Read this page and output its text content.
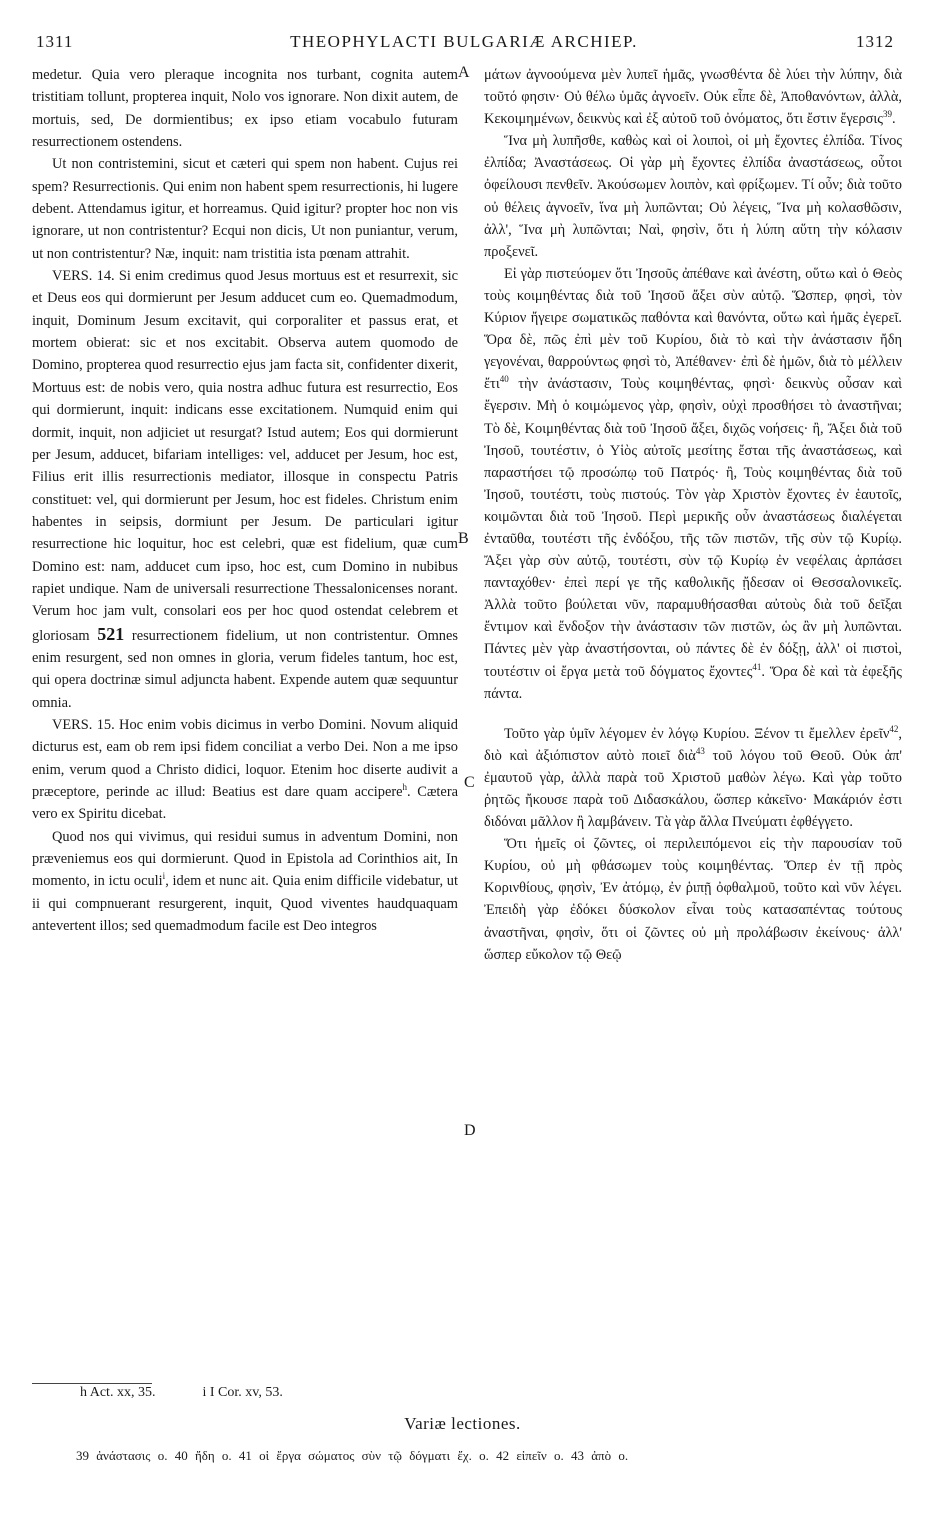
1311	THEOPHYLACTI BULGARIÆ ARCHIEP.	1312
A
B
C
D

medetur. Quia vero pleraque incognita nos turbant, cognita autem tristitiam tollunt, propterea inquit, Nolo vos ignorare. Non dixit autem, de mortuis, sed, De dormientibus; ex ipso etiam vocabulo futuram resurrectionem ostendens.

Ut non contristemini, sicut et cæteri qui spem non habent. Cujus rei spem? Resurrectionis. Qui enim non habent spem resurrectionis, hi lugere debent. Attendamus igitur, et horreamus. Quid igitur? propter hoc non vis ignorare, ut non contristentur? Ecqui non dicis, Ut non puniantur, verum, ut non contristentur? Næ, inquit: nam tristitia ista pœnam attrahit.

VERS. 14. Si enim credimus quod Jesus mortuus est et resurrexit, sic et Deus eos qui dormierunt per Jesum adducet cum eo. Quemadmodum, inquit, Dominum Jesum excitavit, qui corporaliter et passus erat, et mortem obierat: sic et nos excitabit. Observa autem quomodo de Domino, propterea quod resurrectio ejus jam facta sit, confidenter dixerit, Mortuus est: de nobis vero, quia nostra adhuc futura est resurrectio, Eos qui dormierunt, inquit: indicans esse excitationem. Numquid enim qui dormit, inquit, non adjiciet ut resurgat? Istud autem; Eos qui dormierunt per Jesum, adducet, bifariam intelliges: vel, adducet per Jesum, hoc est, Filius erit illis resurrectionis mediator, illosque in conspectu Patris constituet: vel, qui dormierunt per Jesum, hoc est fideles. Christum enim habentes in seipsis, dormiunt per Jesum. De particulari igitur resurrectione hic loquitur, hoc est celebri, quæ est fidelium, quæ cum Domino est: nam, adducet cum ipso, hoc est, cum Domino in nubibus rapiet undique. Nam de universali resurrectione Thessalonicenses norant. Verum hoc jam vult, consolari eos per hoc quod ostendat celebrem et gloriosam 521 resurrectionem fidelium, ut non contristentur. Omnes enim resurgent, sed non omnes in gloria, verum fideles tantum, hoc est, qui opera doctrinæ simul adjuncta habent. Expende autem quæ sequuntur omnia.

VERS. 15. Hoc enim vobis dicimus in verbo Domini. Novum aliquid dicturus est, eam ob rem ipsi fidem conciliat a verbo Dei. Non a me ipso enim, verum quod a Christo didici, loquor. Etenim hoc diserte audivit a præceptore, perinde ac illud: Beatius est dare quam accipere$^h$. Cætera vero ex Spiritu dicebat.

Quod nos qui vivimus, qui residui sumus in adventum Domini, non præveniemus eos qui dormierunt. Quod in Epistola ad Corinthios ait, In momento, in ictu oculi$^i$, idem et nunc ait. Quia enim difficile videbatur, ut ii qui compnuerant resurgerent, inquit, Quod viventes haudquaquam antevertent illos; sed quemadmodum facile est Deo integros

μάτων ἀγνοούμενα μὲν λυπεῖ ἡμᾶς, γνωσθέντα δὲ λύει τὴν λύπην, διὰ τοῦτό φησιν· Οὐ θέλω ὑμᾶς ἀγνοεῖν. Οὐκ εἶπε δὲ, Ἀποθανόντων, ἀλλὰ, Κεκοιμημένων, δεικνὺς καὶ ἐξ αὐτοῦ τοῦ ὀνόματος, ὅτι ἔστιν ἔγερσις$^{39}$.

Ἵνα μὴ λυπῆσθε, καθὼς καὶ οἱ λοιποὶ, οἱ μὴ ἔχοντες ἐλπίδα. Τίνος ἐλπίδα; Ἀναστάσεως. Οἱ γὰρ μὴ ἔχοντες ἐλπίδα ἀναστάσεως, οὗτοι ὀφείλουσι πενθεῖν. Ἀκούσωμεν λοιπὸν, καὶ φρίξωμεν. Τί οὖν; διὰ τοῦτο οὐ θέλεις ἀγνοεῖν, ἵνα μὴ λυπῶνται; Οὐ λέγεις, Ἵνα μὴ κολασθῶσιν, ἀλλ', Ἵνα μὴ λυπῶνται; Ναὶ, φησὶν, ὅτι ἡ λύπη αὕτη τὴν κόλασιν προξενεῖ.

Εἰ γὰρ πιστεύομεν ὅτι Ἰησοῦς ἀπέθανε καὶ ἀνέστη, οὕτω καὶ ὁ Θεὸς τοὺς κοιμηθέντας διὰ τοῦ Ἰησοῦ ἄξει σὺν αὐτῷ. Ὥσπερ, φησὶ, τὸν Κύριον ἤγειρε σωματικῶς παθόντα καὶ θανόντα, οὕτω καὶ ἡμᾶς ἐγερεῖ. Ὅρα δὲ, πῶς ἐπὶ μὲν τοῦ Κυρίου, διὰ τὸ καὶ τὴν ἀνάστασιν ἤδη γεγονέναι, θαρρούντως φησὶ τὸ, Ἀπέθανεν· ἐπὶ δὲ ἡμῶν, διὰ τὸ μέλλειν ἔτι$^{40}$ τὴν ἀνάστασιν, Τοὺς κοιμηθέντας, φησὶ· δεικνὺς οὖσαν καὶ ἔγερσιν. Μὴ ὁ κοιμώμενος γὰρ, φησὶν, οὐχὶ προσθήσει τὸ ἀναστῆναι; Τὸ δὲ, Κοιμηθέντας διὰ τοῦ Ἰησοῦ ἄξει, διχῶς νοήσεις· ἢ, Ἄξει διὰ τοῦ Ἰησοῦ, τουτέστιν, ὁ Υἱὸς αὐτοῖς μεσίτης ἔσται τῆς ἀναστάσεως, καὶ παραστήσει τῷ προσώπῳ τοῦ Πατρός· ἢ, Τοὺς κοιμηθέντας διὰ τοῦ Ἰησοῦ, τουτέστι, τοὺς πιστούς. Τὸν γὰρ Χριστὸν ἔχοντες ἐν ἑαυτοῖς, κοιμῶνται διὰ τοῦ Ἰησοῦ. Περὶ μερικῆς οὖν ἀναστάσεως διαλέγεται ἐνταῦθα, τουτέστι τῆς ἐνδόξου, τῆς τῶν πιστῶν, τῆς σὺν τῷ Κυρίῳ. Ἄξει γὰρ σὺν αὐτῷ, τουτέστι, σὺν τῷ Κυρίῳ ἐν νεφέλαις ἁρπάσει πανταχόθεν· ἐπεὶ περί γε τῆς καθολικῆς ᾔδεσαν οἱ Θεσσαλονικεῖς. Ἀλλὰ τοῦτο βούλεται νῦν, παραμυθήσασθαι αὐτοὺς διὰ τοῦ δεῖξαι ἔντιμον καὶ ἔνδοξον τὴν ἀνάστασιν τῶν πιστῶν, ὡς ἂν μὴ λυπῶνται. Πάντες μὲν γὰρ ἀναστήσονται, οὐ πάντες δὲ ἐν δόξῃ, ἀλλ' οἱ πιστοὶ, τουτέστιν οἱ ἔργα μετὰ τοῦ δόγματος ἔχοντες$^{41}$. Ὅρα δὲ καὶ τὰ ἐφεξῆς πάντα.

Τοῦτο γὰρ ὑμῖν λέγομεν ἐν λόγῳ Κυρίου. Ξένον τι ἔμελλεν ἐρεῖν$^{42}$, διὸ καὶ ἀξιόπιστον αὐτὸ ποιεῖ διὰ$^{43}$ τοῦ λόγου τοῦ Θεοῦ. Οὐκ ἀπ' ἐμαυτοῦ γὰρ, ἀλλὰ παρὰ τοῦ Χριστοῦ μαθὼν λέγω. Καὶ γὰρ τοῦτο ῥητῶς ἤκουσε παρὰ τοῦ Διδασκάλου, ὥσπερ κἀκεῖνο· Μακάριόν ἐστι διδόναι μᾶλλον ἢ λαμβάνειν. Τὰ γὰρ ἄλλα Πνεύματι ἐφθέγγετο.

Ὅτι ἡμεῖς οἱ ζῶντες, οἱ περιλειπόμενοι εἰς τὴν παρουσίαν τοῦ Κυρίου, οὐ μὴ φθάσωμεν τοὺς κοιμηθέντας. Ὅπερ ἐν τῇ πρὸς Κορινθίους, φησὶν, Ἐν ἀτόμῳ, ἐν ῥιπῇ ὀφθαλμοῦ, τοῦτο καὶ νῦν λέγει. Ἐπειδὴ γὰρ ἐδόκει δύσκολον εἶναι τοὺς κατασαπέντας τούτους ἀναστῆναι, φησὶν, ὅτι οἱ ζῶντες οὐ μὴ προλάβωσιν ἐκείνους· ἀλλ' ὥσπερ εὔκολον τῷ Θεῷ

h Act. xx, 35.	i I Cor. xv, 53.
Variæ lectiones.
39 ἀνάστασις ο. 40 ἤδη ο. 41 οἱ ἔργα σώματος σὺν τῷ δόγματι ἔχ. ο. 42 εἰπεῖν ο. 43 ἀπὸ ο.
